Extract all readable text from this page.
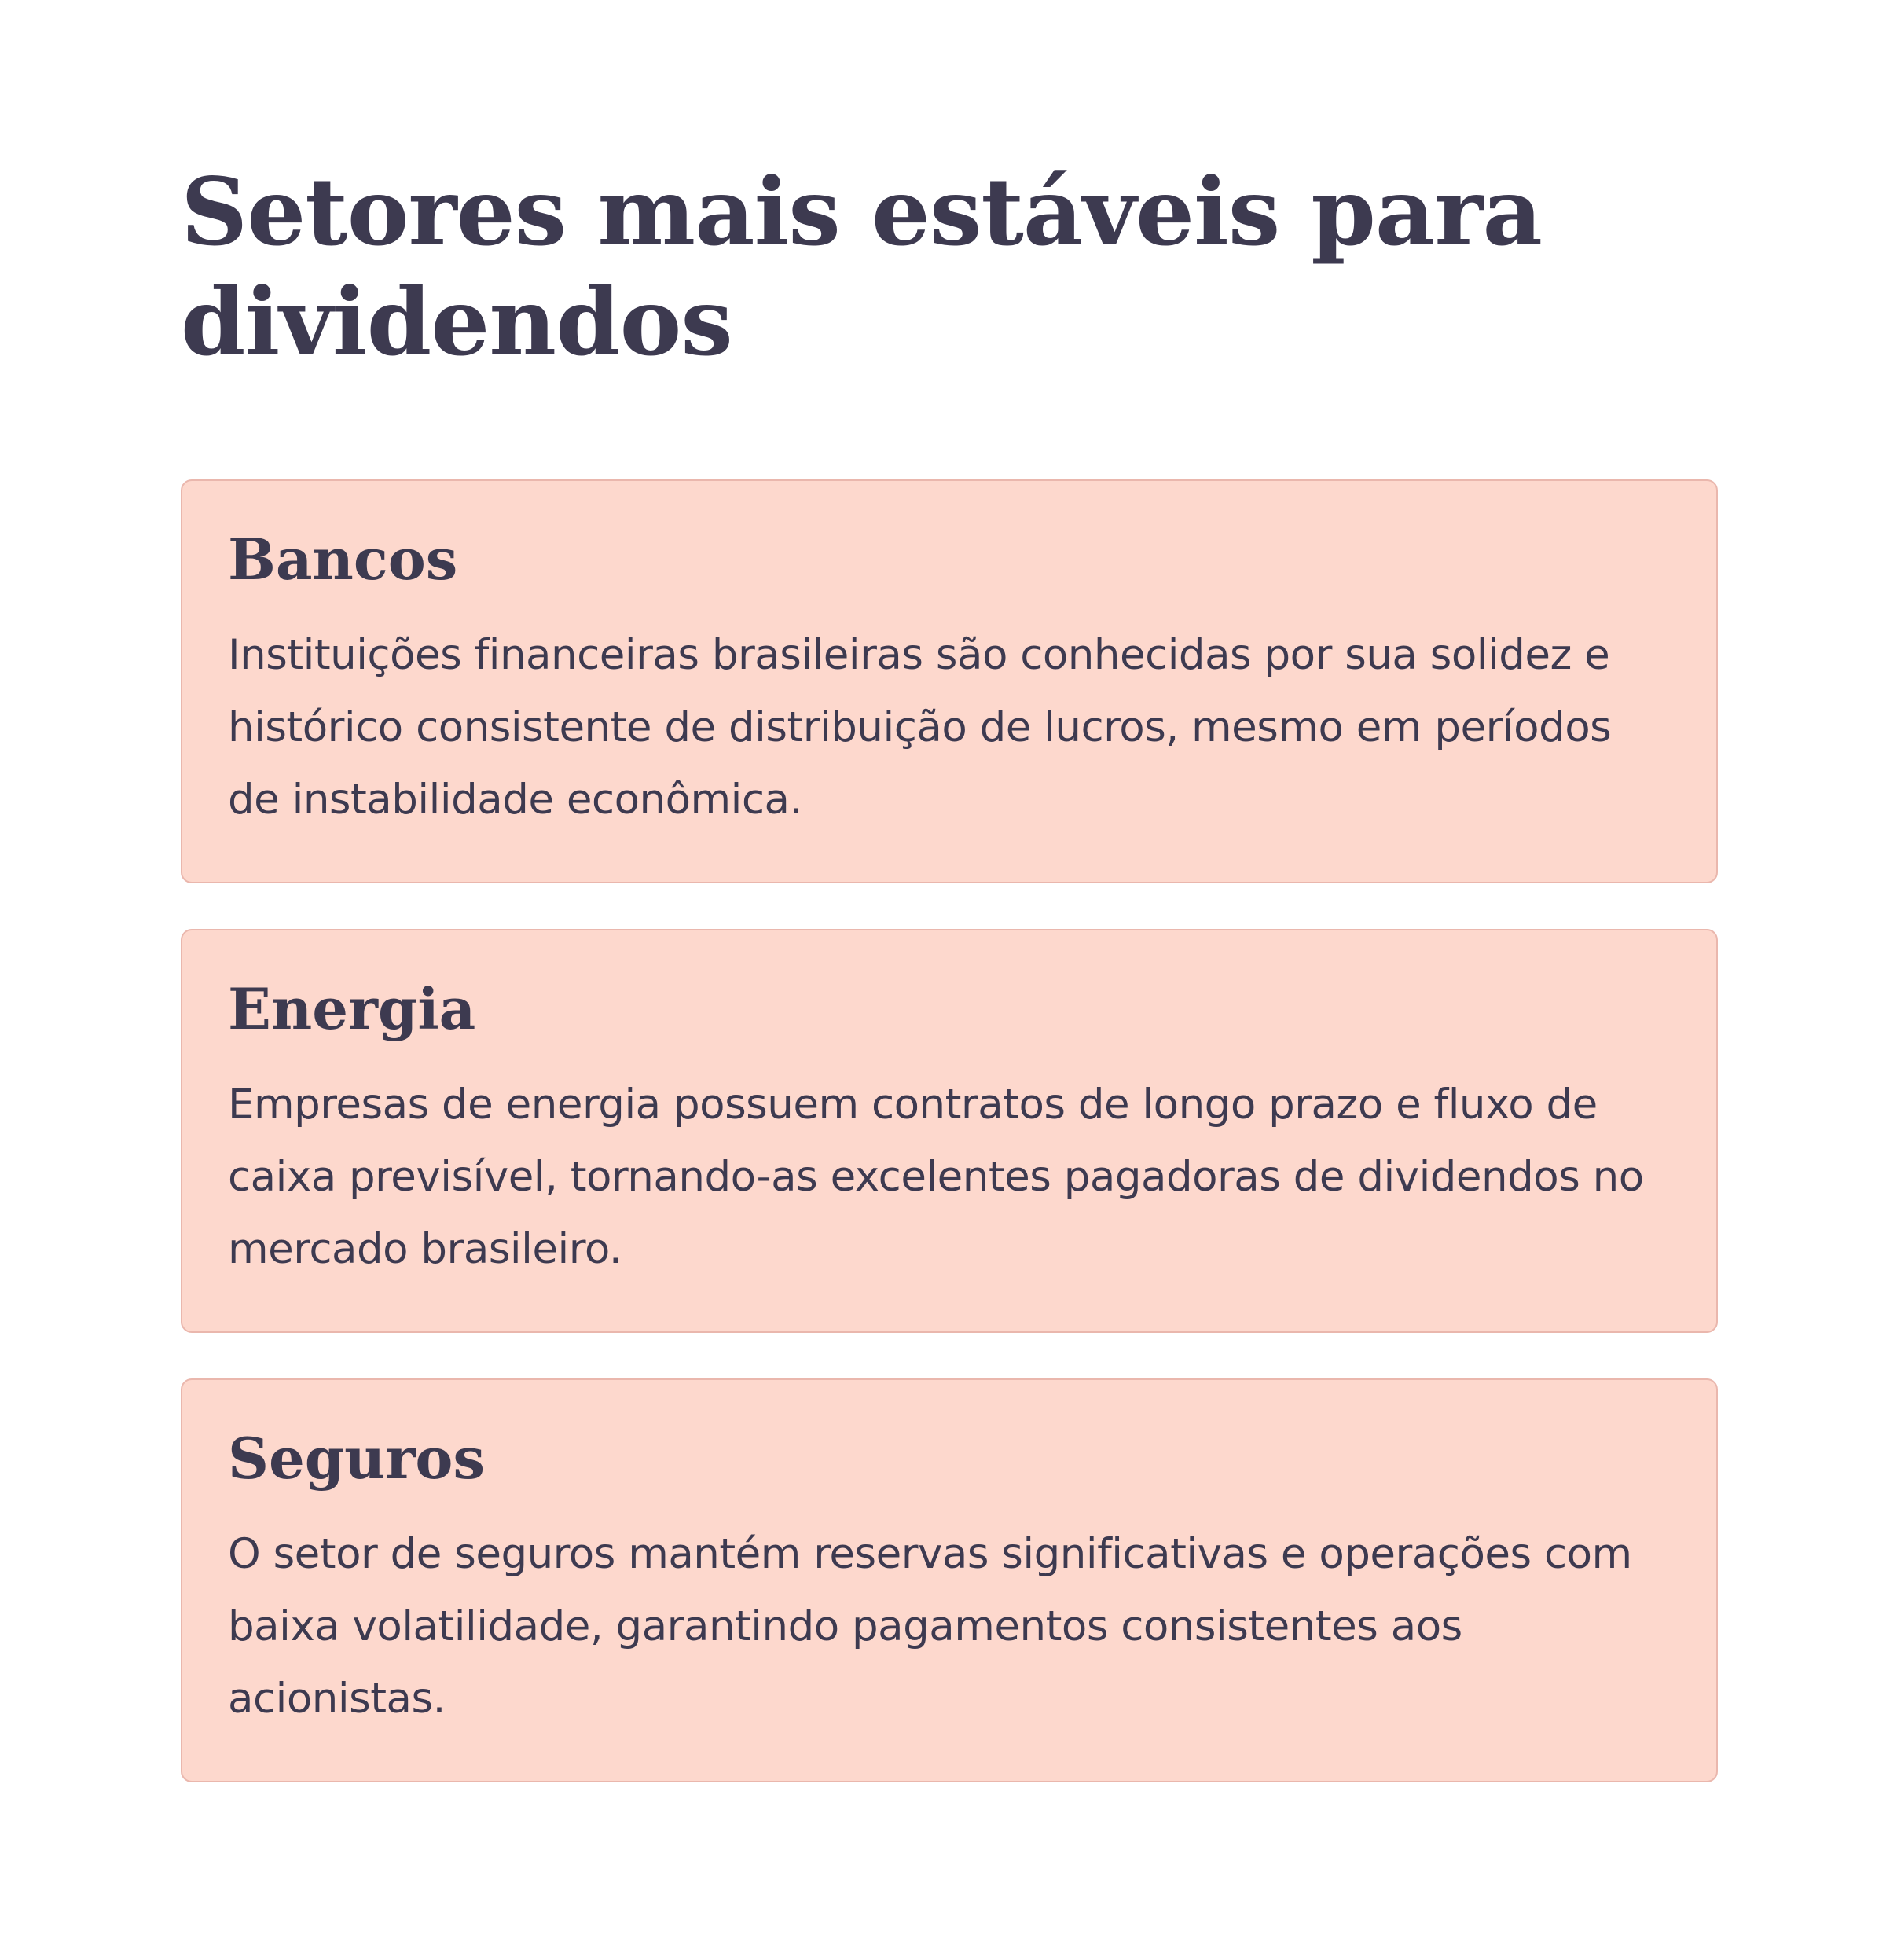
Setores mais estáveis para dividendos
Bancos

Instituições financeiras brasileiras são conhecidas por sua solidez e histórico consistente de distribuição de lucros, mesmo em períodos de instabilidade econômica.

Energia

Empresas de energia possuem contratos de longo prazo e fluxo de caixa previsível, tornando-as excelentes pagadoras de dividendos no mercado brasileiro.

Seguros

O setor de seguros mantém reservas significativas e operações com baixa volatilidade, garantindo pagamentos consistentes aos acionistas.
